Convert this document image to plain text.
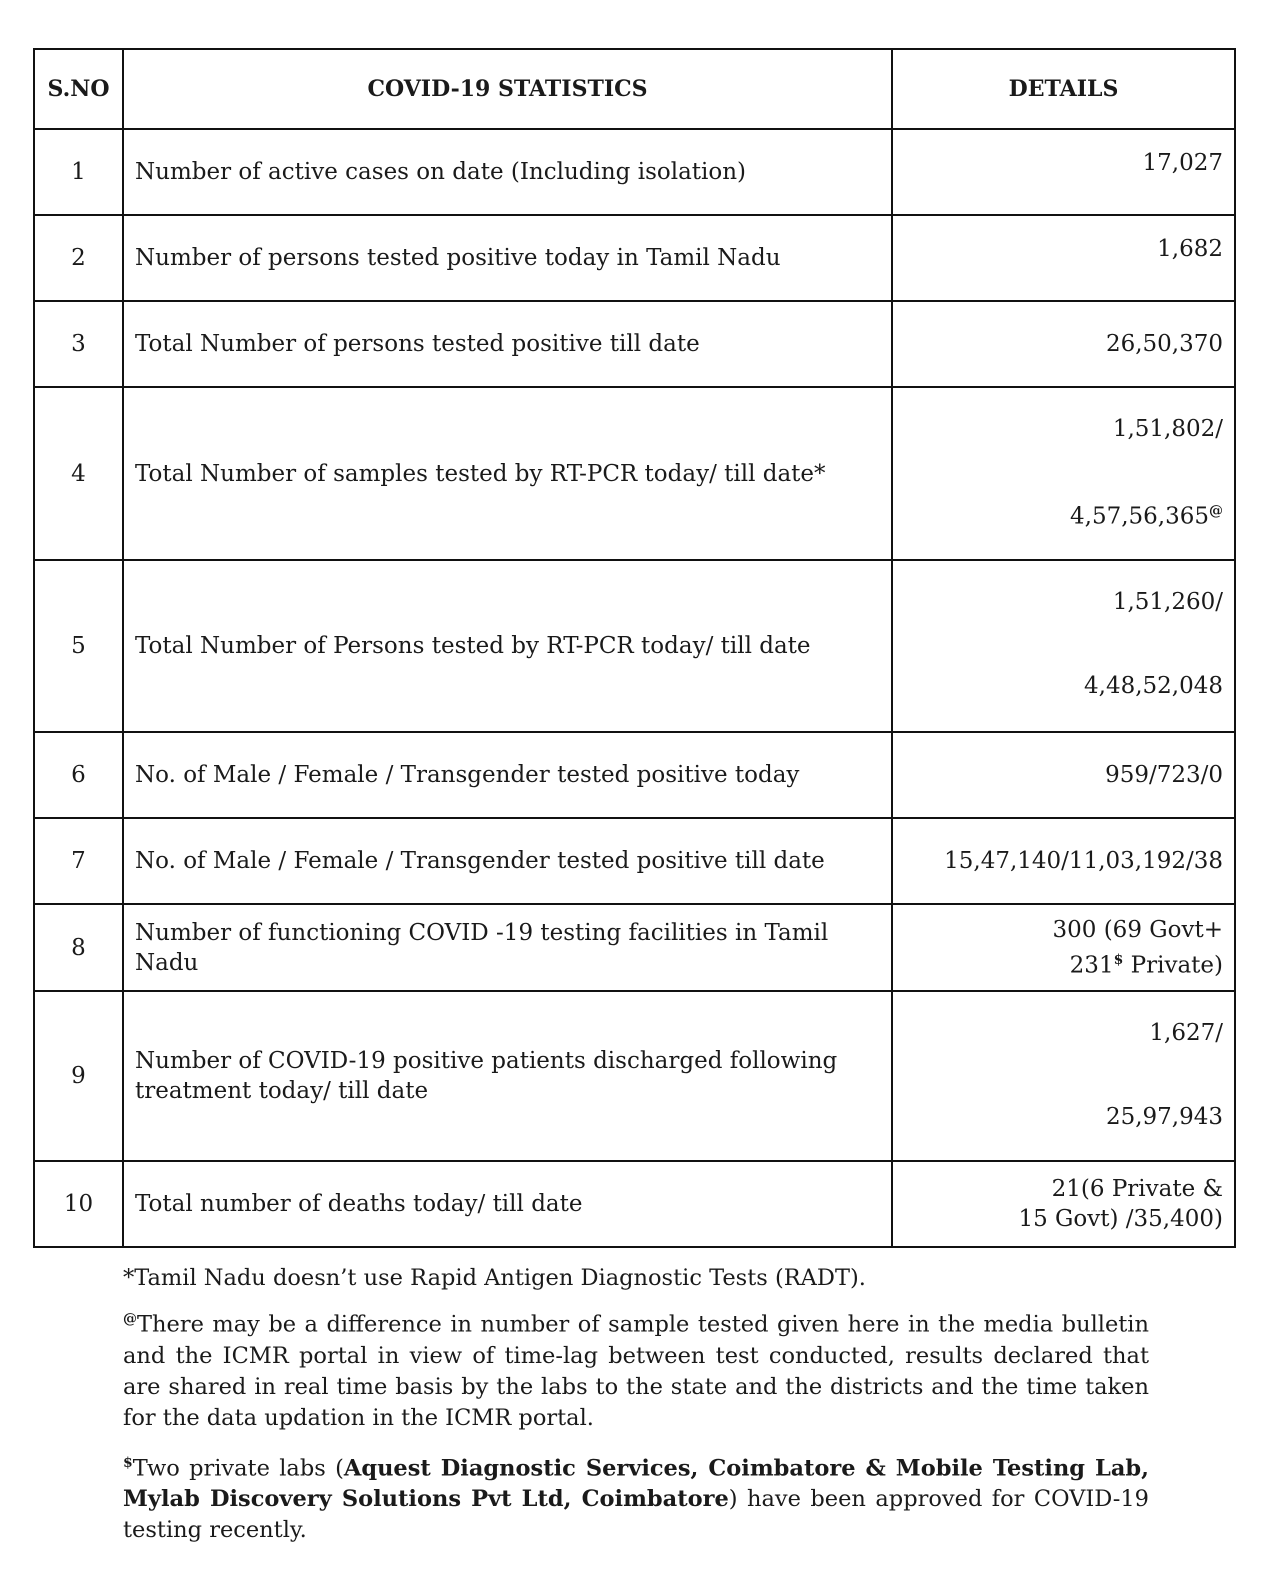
S.NO	COVID-19 STATISTICS	DETAILS
1	Number of active cases on date (Including isolation)	17,027

2	Number of persons tested positive today in Tamil Nadu	1,682

3	Total Number of persons tested positive till date	26,50,370
4	Total Number of samples tested by RT-PCR today/ till date*	1,51,802/
4,57,56,365@

5	Total Number of Persons tested by RT-PCR today/ till date	1,51,260/
4,48,52,048

6	No. of Male / Female / Transgender tested positive today	959/723/0
7	No. of Male / Female / Transgender tested positive till date	15,47,140/11,03,192/38
8	Number of functioning COVID -19 testing facilities in Tamil Nadu	300 (69 Govt+
231$ Private)

9	Number of COVID-19 positive patients discharged following treatment today/ till date	1,627/
25,97,943

10	Total number of deaths today/ till date	21(6 Private &
15 Govt) /35,400)

*Tamil Nadu doesn’t use Rapid Antigen Diagnostic Tests (RADT).

@There may be a difference in number of sample tested given here in the media bulletin and the ICMR portal in view of time-lag between test conducted, results declared that are shared in real time basis by the labs to the state and the districts and the time taken for the data updation in the ICMR portal.

$Two private labs (Aquest Diagnostic Services, Coimbatore & Mobile Testing Lab, Mylab Discovery Solutions Pvt Ltd, Coimbatore) have been approved for COVID-19 testing recently.
